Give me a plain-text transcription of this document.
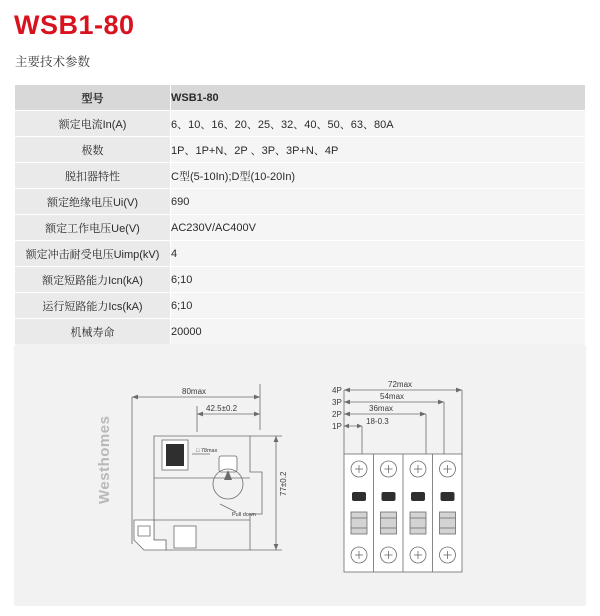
WSB1-80
主要技术参数
型号	WSB1-80
额定电流In(A)	6、10、16、20、25、32、40、50、63、80A
极数	1P、1P+N、2P 、3P、3P+N、4P
脱扣器特性	C型(5-10In);D型(10-20In)
额定绝缘电压Ui(V)	690
额定工作电压Ue(V)	AC230V/AC400V
额定冲击耐受电压Uimp(kV)	4
额定短路能力Icn(kA)	6;10
运行短路能力Ics(kA)	6;10
机械寿命	20000

80max
42.5±0.2
77±0.2
□ 78max
Pull down
4P
3P
2P
1P
72max
54max
36max
18-0.3
Westhomes
